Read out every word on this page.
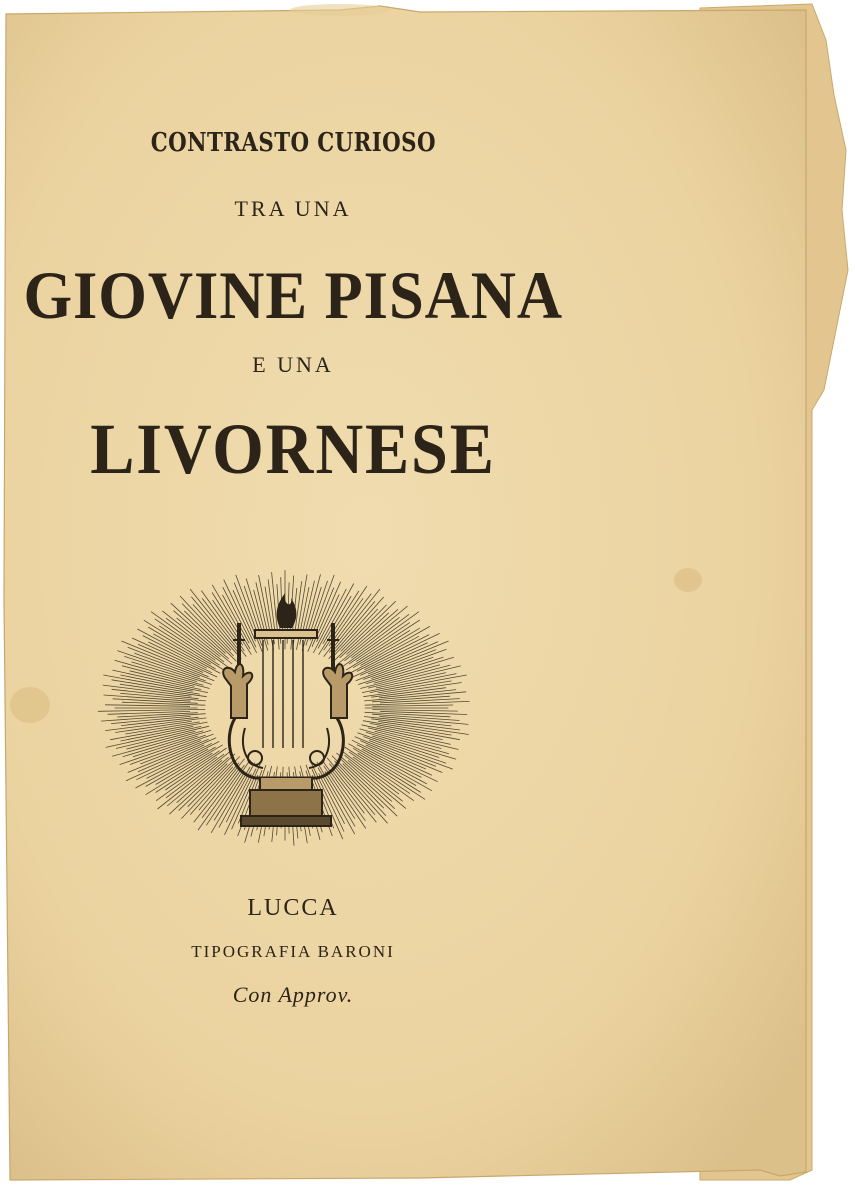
CONTRASTO CURIOSO
TRA UNA
GIOVINE PISANA
E UNA
LIVORNESE
LUCCA
TIPOGRAFIA BARONI
Con Approv.
